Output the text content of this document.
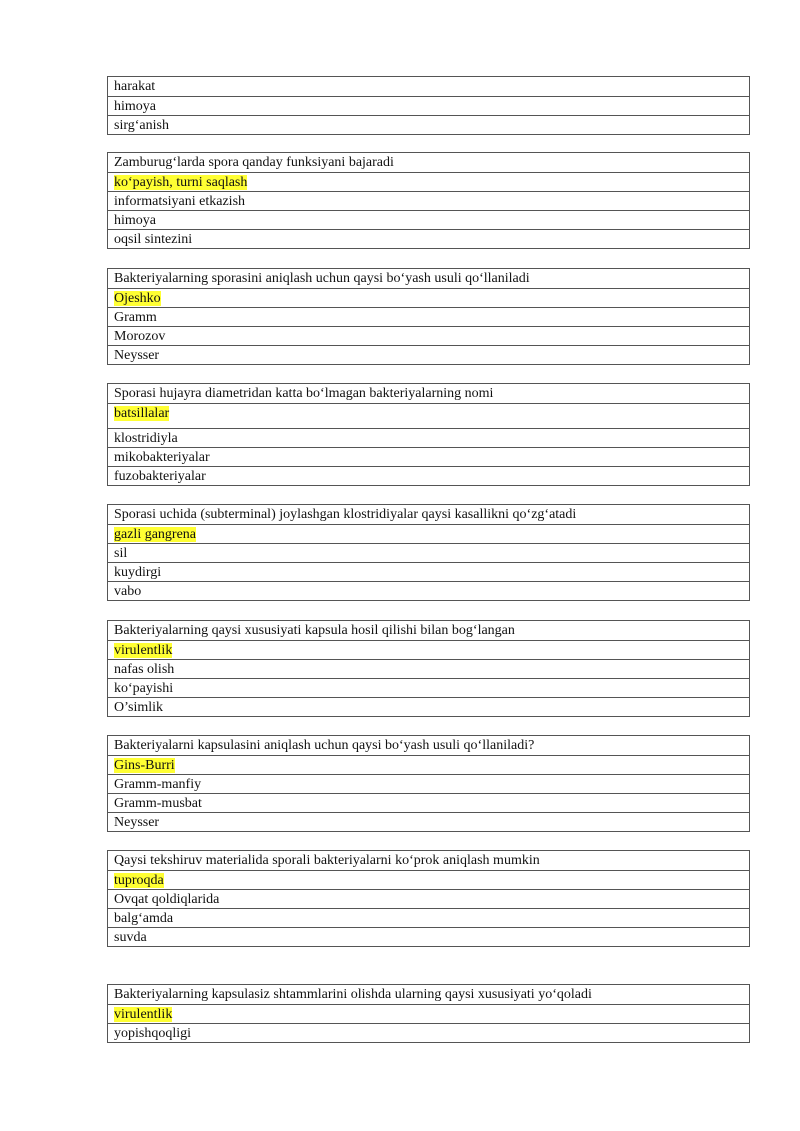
harakat
himoya
sirg‘anish
Zamburug‘larda spora qanday funksiyani bajaradi
ko‘payish, turni saqlash
informatsiyani etkazish
himoya
oqsil sintezini
Bakteriyalarning sporasini aniqlash uchun qaysi bo‘yash usuli qo‘llaniladi
Ojeshko
Gramm
Morozov
Neysser
Sporasi hujayra diametridan katta bo‘lmagan bakteriyalarning nomi
batsillalar
klostridiyla
mikobakteriyalar
fuzobakteriyalar
Sporasi uchida (subterminal) joylashgan klostridiyalar qaysi kasallikni qo‘zg‘atadi
gazli gangrena
sil
kuydirgi
vabo
Bakteriyalarning qaysi xususiyati kapsula hosil qilishi bilan bog‘langan
virulentlik
nafas olish
ko‘payishi
O’simlik
Bakteriyalarni kapsulasini aniqlash uchun qaysi bo‘yash usuli qo‘llaniladi?
Gins-Burri
Gramm-manfiy
Gramm-musbat
Neysser
Qaysi tekshiruv materialida sporali bakteriyalarni ko‘prok aniqlash mumkin
tuproqda
Ovqat qoldiqlarida
balg‘amda
suvda
Bakteriyalarning kapsulasiz shtammlarini olishda ularning qaysi xususiyati yo‘qoladi
virulentlik
yopishqoqligi
